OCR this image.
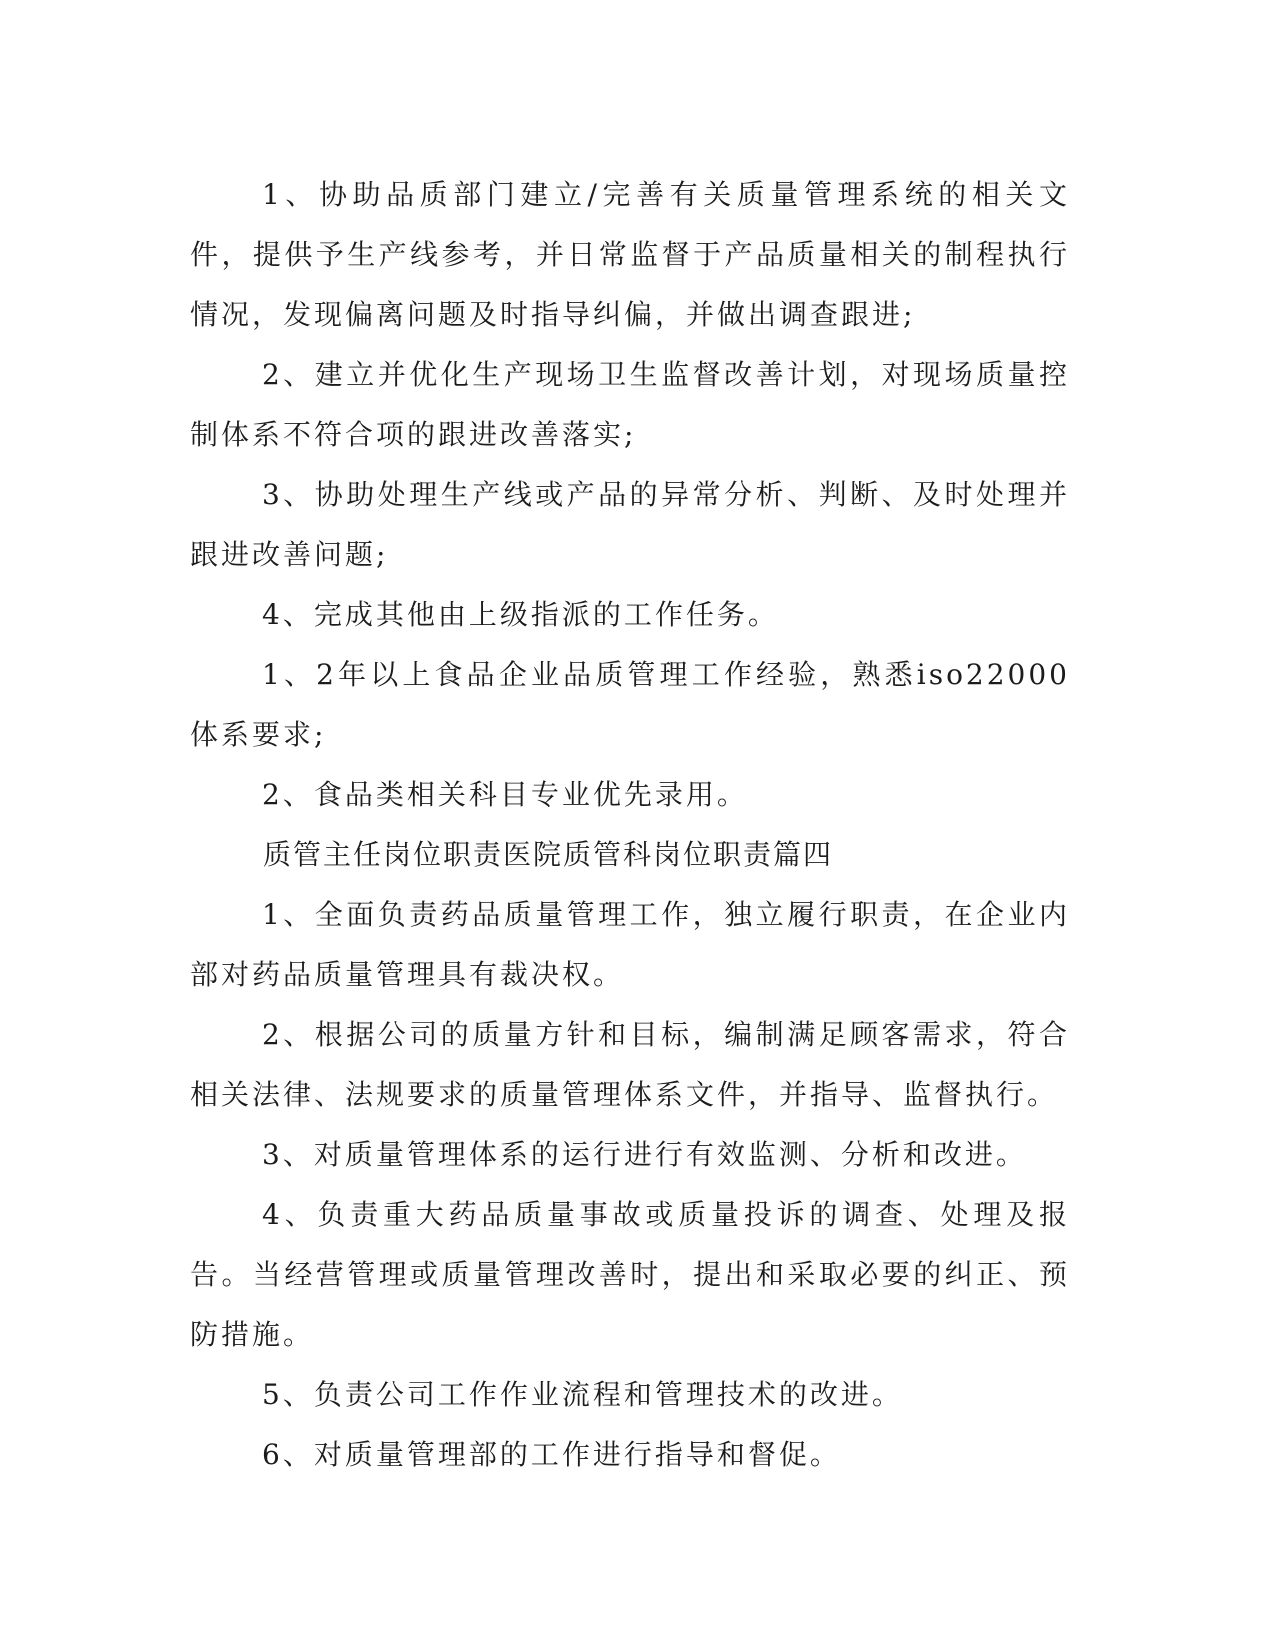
1、协助品质部门建立/完善有关质量管理系统的相关文件，提供予生产线参考，并日常监督于产品质量相关的制程执行情况，发现偏离问题及时指导纠偏，并做出调查跟进;

2、建立并优化生产现场卫生监督改善计划，对现场质量控制体系不符合项的跟进改善落实;

3、协助处理生产线或产品的异常分析、判断、及时处理并跟进改善问题;

4、完成其他由上级指派的工作任务。

1、2年以上食品企业品质管理工作经验，熟悉iso22000体系要求;

2、食品类相关科目专业优先录用。

质管主任岗位职责医院质管科岗位职责篇四

1、全面负责药品质量管理工作，独立履行职责，在企业内部对药品质量管理具有裁决权。

2、根据公司的质量方针和目标，编制满足顾客需求，符合相关法律、法规要求的质量管理体系文件，并指导、监督执行。

3、对质量管理体系的运行进行有效监测、分析和改进。

4、负责重大药品质量事故或质量投诉的调查、处理及报告。当经营管理或质量管理改善时，提出和采取必要的纠正、预防措施。

5、负责公司工作作业流程和管理技术的改进。

6、对质量管理部的工作进行指导和督促。
